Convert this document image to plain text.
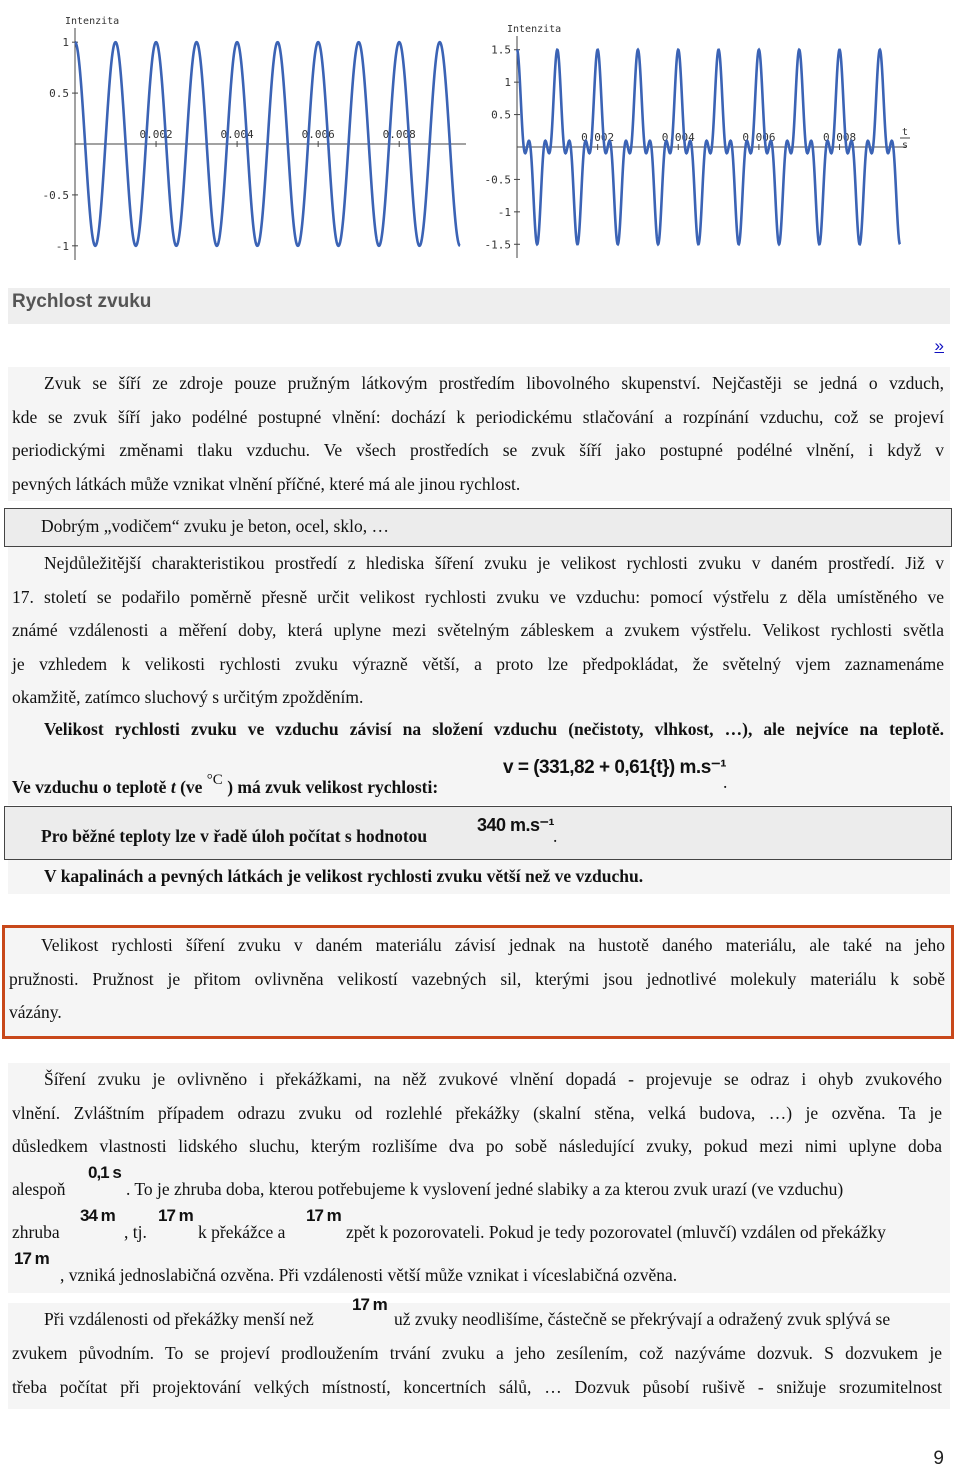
Intenzita
1
0.5
-0.5
-1
0.002	0.004	0.006	0.008
Intenzita
1.5
1
0.5
-0.5
-1
-1.5
0.002	0.004	0.006	0.008	t
s
Rychlost zvuku
»

Zvuk se šíří ze zdroje pouze pružným látkovým prostředím libovolného skupenství. Nejčastěji se jedná o vzduch,
kde se zvuk šíří jako podélné postupné vlnění: dochází k periodickému stlačování a rozpínání vzduchu, což se projeví
periodickými změnami tlaku vzduchu. Ve všech prostředích se zvuk šíří jako postupné podélné vlnění, i když v
pevných látkách může vznikat vlnění příčné, které má ale jinou rychlost.

Dobrým „vodičem“ zvuku je beton, ocel, sklo, …

Nejdůležitější charakteristikou prostředí z hlediska šíření zvuku je velikost rychlosti zvuku v daném prostředí. Již v
17. století se podařilo poměrně přesně určit velikost rychlosti zvuku ve vzduchu: pomocí výstřelu z děla umístěného ve
známé vzdálenosti a měření doby, která uplyne mezi světelným zábleskem a zvukem výstřelu. Velikost rychlosti světla
je vzhledem k velikosti rychlosti zvuku výrazně větší, a proto lze předpokládat, že světelný vjem zaznamenáme
okamžitě, zatímco sluchový s určitým zpožděním.

Velikost rychlosti zvuku ve vzduchu závisí na složení vzduchu (nečistoty, vlhkost, …), ale nejvíce na teplotě.

Ve vzduchu o teplotě t (ve $^{^\circ C}$ ) má zvuk velikost rychlosti:
v = (331,82 + 0,61{t}) m.s⁻¹
.
Pro běžné teploty lze v řadě úloh počítat s hodnotou
340 m.s⁻¹
.

V kapalinách a pevných látkách je velikost rychlosti zvuku větší než ve vzduchu.

Velikost rychlosti šíření zvuku v daném materiálu závisí jednak na hustotě daného materiálu, ale také na jeho
pružnosti. Pružnost je přitom ovlivněna velikostí vazebných sil, kterými jsou jednotlivé molekuly materiálu k sobě
vázány.

Šíření zvuku je ovlivněno i překážkami, na něž zvukové vlnění dopadá - projevuje se odraz i ohyb zvukového
vlnění. Zvláštním případem odrazu zvuku od rozlehlé překážky (skalní stěna, velká budova, …) je ozvěna. Ta je
důsledkem vlastnosti lidského sluchu, kterým rozlišíme dva po sobě následující zvuky, pokud mezi nimi uplyne doba
alespoň
0,1 s
. To je zhruba doba, kterou potřebujeme k vyslovení jedné slabiky a za kterou zvuk urazí (ve vzduchu)
zhruba
34 m
, tj.
17 m
k překážce a
17 m
zpět k pozorovateli. Pokud je tedy pozorovatel (mluvčí) vzdálen od překážky
17 m
, vzniká jednoslabičná ozvěna. Při vzdálenosti větší může vznikat i víceslabičná ozvěna.
Při vzdálenosti od překážky menší než
17 m
už zvuky neodlišíme, částečně se překrývají a odražený zvuk splývá se
zvukem původním. To se projeví prodloužením trvání zvuku a jeho zesílením, což nazýváme dozvuk. S dozvukem je
třeba počítat při projektování velkých místností, koncertních sálů, … Dozvuk působí rušivě - snižuje srozumitelnost
9
